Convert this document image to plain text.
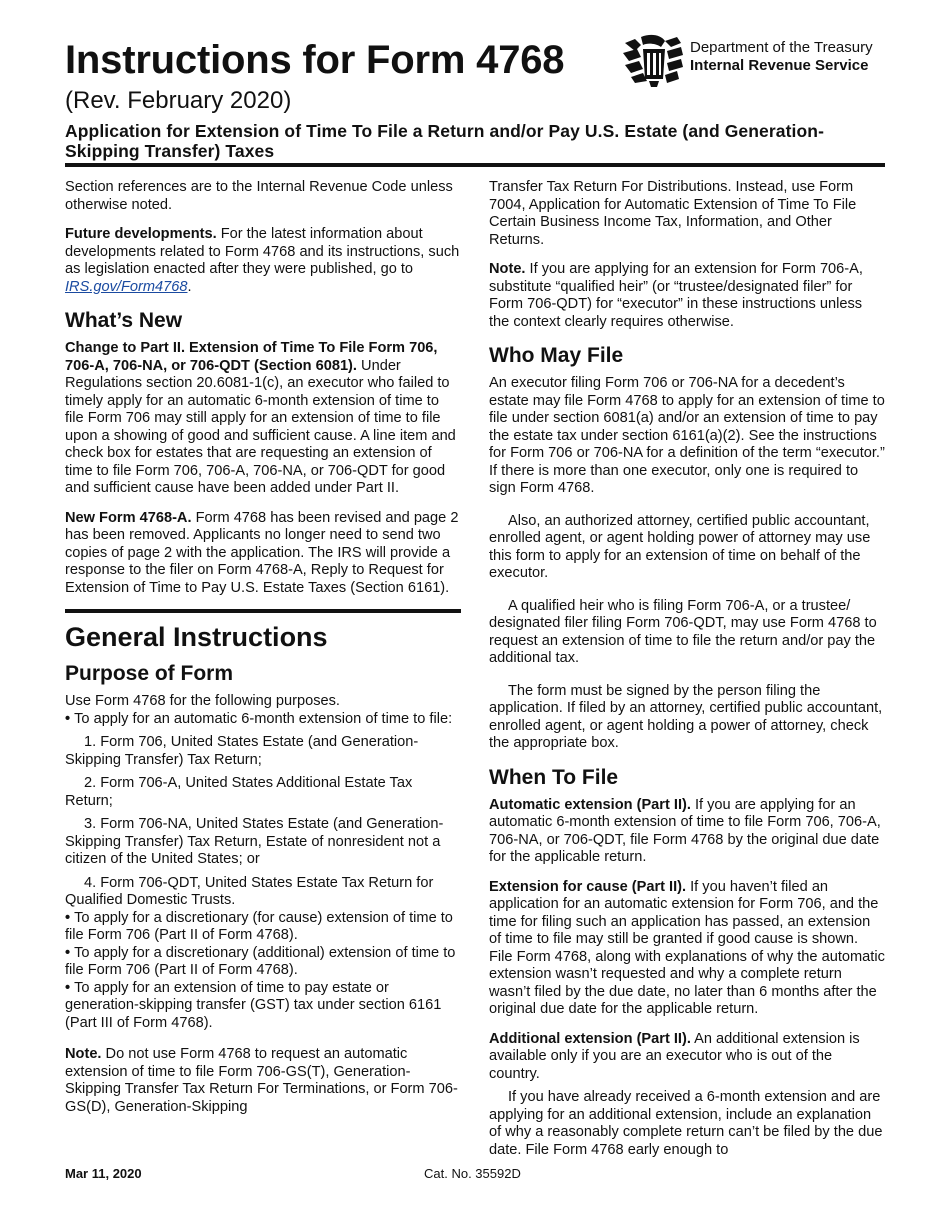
Instructions for Form 4768
(Rev. February 2020)
Application for Extension of Time To File a Return and/or Pay U.S. Estate (and Generation-Skipping Transfer) Taxes
Department of the Treasury
Internal Revenue Service

Section references are to the Internal Revenue Code unless otherwise noted.

Future developments. For the latest information about developments related to Form 4768 and its instructions, such as legislation enacted after they were published, go to IRS.gov/Form4768.

What’s New

Change to Part II. Extension of Time To File Form 706, 706-A, 706-NA, or 706-QDT (Section 6081). Under Regulations section 20.6081-1(c), an executor who failed to timely apply for an automatic 6-month extension of time to file Form 706 may still apply for an extension of time to file upon a showing of good and sufficient cause. A line item and check box for estates that are requesting an extension of time to file Form 706, 706-A, 706-NA, or 706-QDT for good and sufficient cause have been added under Part II.

New Form 4768-A. Form 4768 has been revised and page 2 has been removed. Applicants no longer need to send two copies of page 2 with the application. The IRS will provide a response to the filer on Form 4768-A, Reply to Request for Extension of Time to Pay U.S. Estate Taxes (Section 6161).

General Instructions
Purpose of Form

Use Form 4768 for the following purposes.

• To apply for an automatic 6-month extension of time to file:

1. Form 706, United States Estate (and Generation-Skipping Transfer) Tax Return;

2. Form 706-A, United States Additional Estate Tax Return;

3. Form 706-NA, United States Estate (and Generation-Skipping Transfer) Tax Return, Estate of nonresident not a citizen of the United States; or

4. Form 706-QDT, United States Estate Tax Return for Qualified Domestic Trusts.

• To apply for a discretionary (for cause) extension of time to file Form 706 (Part II of Form 4768).

• To apply for a discretionary (additional) extension of time to file Form 706 (Part II of Form 4768).

• To apply for an extension of time to pay estate or generation-skipping transfer (GST) tax under section 6161 (Part III of Form 4768).

Note. Do not use Form 4768 to request an automatic extension of time to file Form 706-GS(T), Generation-Skipping Transfer Tax Return For Terminations, or Form 706-GS(D), Generation-Skipping

Transfer Tax Return For Distributions. Instead, use Form 7004, Application for Automatic Extension of Time To File Certain Business Income Tax, Information, and Other Returns.

Note. If you are applying for an extension for Form 706-A, substitute “qualified heir” (or “trustee/designated filer” for Form 706-QDT) for “executor” in these instructions unless the context clearly requires otherwise.

Who May File

An executor filing Form 706 or 706-NA for a decedent’s estate may file Form 4768 to apply for an extension of time to file under section 6081(a) and/or an extension of time to pay the estate tax under section 6161(a)(2). See the instructions for Form 706 or 706-NA for a definition of the term “executor.” If there is more than one executor, only one is required to sign Form 4768.

Also, an authorized attorney, certified public accountant, enrolled agent, or agent holding power of attorney may use this form to apply for an extension of time on behalf of the executor.

A qualified heir who is filing Form 706-A, or a trustee/ designated filer filing Form 706-QDT, may use Form 4768 to request an extension of time to file the return and/or pay the additional tax.

The form must be signed by the person filing the application. If filed by an attorney, certified public accountant, enrolled agent, or agent holding a power of attorney, check the appropriate box.

When To File

Automatic extension (Part II). If you are applying for an automatic 6-month extension of time to file Form 706, 706-A, 706-NA, or 706-QDT, file Form 4768 by the original due date for the applicable return.

Extension for cause (Part II). If you haven’t filed an application for an automatic extension for Form 706, and the time for filing such an application has passed, an extension of time to file may still be granted if good cause is shown. File Form 4768, along with explanations of why the automatic extension wasn’t requested and why a complete return wasn’t filed by the due date, no later than 6 months after the original due date for the applicable return.

Additional extension (Part II). An additional extension is available only if you are an executor who is out of the country.

If you have already received a 6-month extension and are applying for an additional extension, include an explanation of why a reasonably complete return can’t be filed by the due date. File Form 4768 early enough to

Mar 11, 2020	Cat. No. 35592D
